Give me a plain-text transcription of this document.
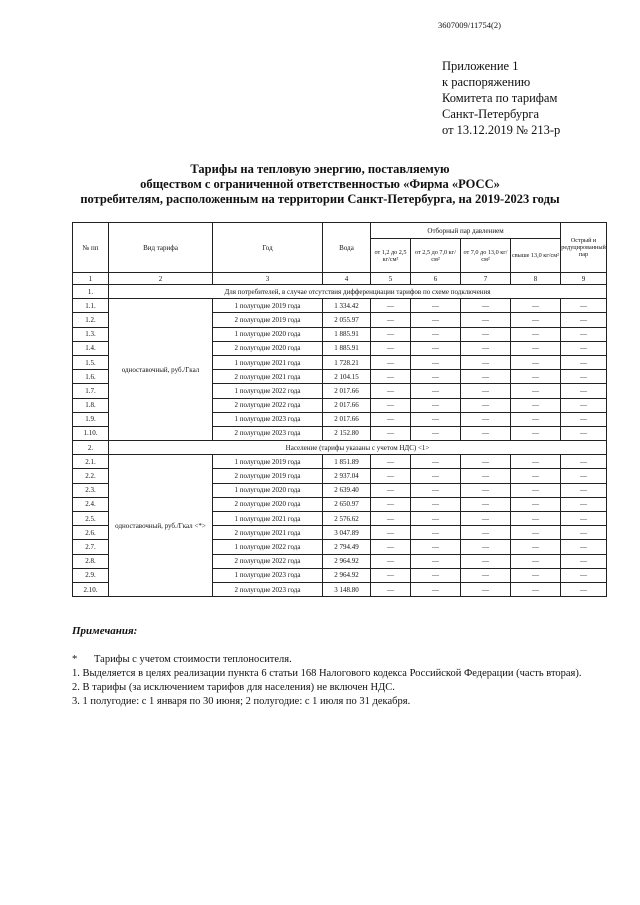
3607009/11754(2)
Приложение 1
к распоряжению
Комитета по тарифам
Санкт-Петербурга
от 13.12.2019 № 213-р
Тарифы на тепловую энергию, поставляемую
обществом с ограниченной ответственностью «Фирма «РОСС»
потребителям, расположенным на территории Санкт-Петербурга, на 2019-2023 годы
№ пп	Вид тарифа	Год	Вода	Отборный пар давлением				Острый и редуцированный пар
				от 1,2 до 2,5 кг/см²	от 2,5 до 7,0 кг/см²	от 7,0 до 13,0 кг/см²	свыше 13,0 кг/см²	
1	2	3	4	5	6	7	8	9
1.	Для потребителей, в случае отсутствия дифференциации тарифов по схеме подключения							
1.1.	одноставочный, руб./Гкал	1 полугодие 2019 года	1 334.42	—	—	—	—	—
1.2.		2 полугодие 2019 года	2 055.97	—	—	—	—	—
1.3.		1 полугодие 2020 года	1 885.91	—	—	—	—	—
1.4.		2 полугодие 2020 года	1 885.91	—	—	—	—	—
1.5.		1 полугодие 2021 года	1 728.21	—	—	—	—	—
1.6.		2 полугодие 2021 года	2 104.15	—	—	—	—	—
1.7.		1 полугодие 2022 года	2 017.66	—	—	—	—	—
1.8.		2 полугодие 2022 года	2 017.66	—	—	—	—	—
1.9.		1 полугодие 2023 года	2 017.66	—	—	—	—	—
1.10.		2 полугодие 2023 года	2 152.80	—	—	—	—	—
2.	Население (тарифы указаны с учетом НДС) <1>							
2.1.	одноставочный, руб./Гкал <*>	1 полугодие 2019 года	1 851.89	—	—	—	—	—
2.2.		2 полугодие 2019 года	2 937.04	—	—	—	—	—
2.3.		1 полугодие 2020 года	2 639.40	—	—	—	—	—
2.4.		2 полугодие 2020 года	2 650.97	—	—	—	—	—
2.5.		1 полугодие 2021 года	2 576.62	—	—	—	—	—
2.6.		2 полугодие 2021 года	3 047.89	—	—	—	—	—
2.7.		1 полугодие 2022 года	2 794.49	—	—	—	—	—
2.8.		2 полугодие 2022 года	2 964.92	—	—	—	—	—
2.9.		1 полугодие 2023 года	2 964.92	—	—	—	—	—
2.10.		2 полугодие 2023 года	3 148.80	—	—	—	—	—
Примечания:
* Тарифы с учетом стоимости теплоносителя.
1. Выделяется в целях реализации пункта 6 статьи 168 Налогового кодекса Российской Федерации (часть вторая).
2. В тарифы (за исключением тарифов для населения) не включен НДС.
3. 1 полугодие: с 1 января по 30 июня; 2 полугодие: с 1 июля по 31 декабря.
